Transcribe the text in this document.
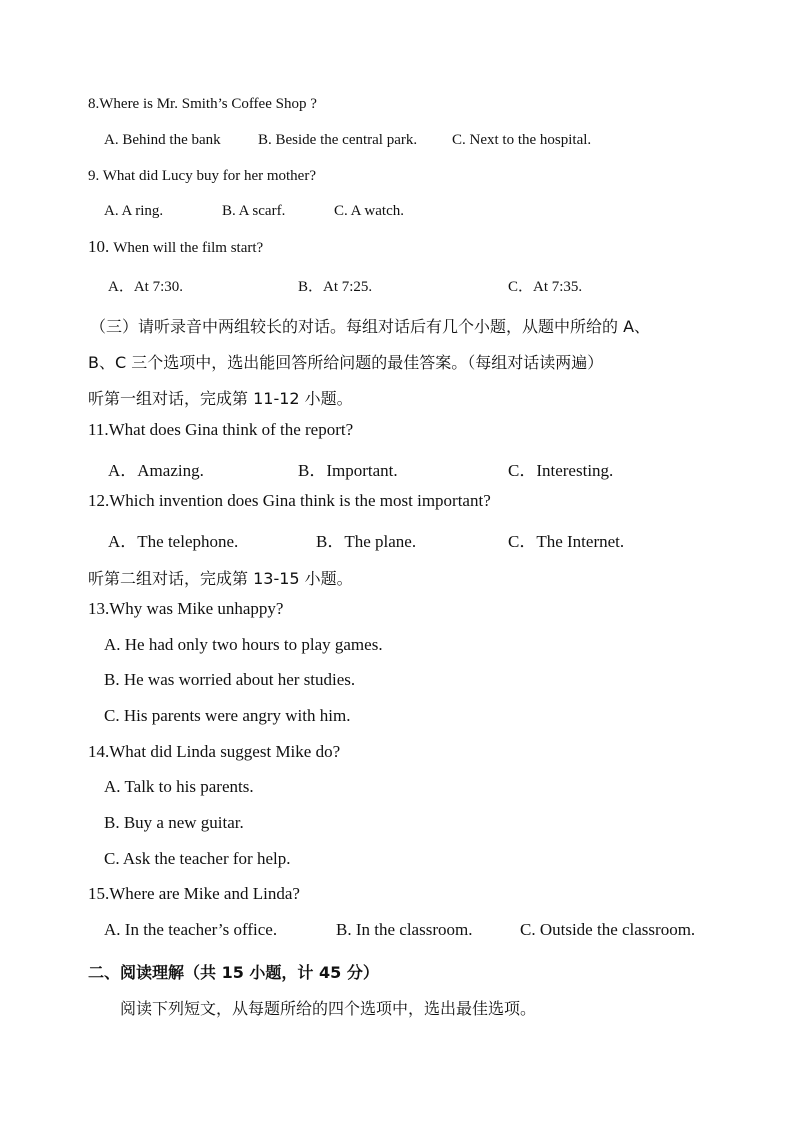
8.Where is Mr. Smith’s Coffee Shop ?
A. Behind the bank B. Beside the central park. C. Next to the hospital.
9. What did Lucy buy for her mother?
A. A ring.	B. A scarf.	C. A watch.
10. When will the film start?
A．At 7:30.	B．At 7:25.	C．At 7:35.
（三）请听录音中两组较长的对话。每组对话后有几个小题，从题中所给的 A、
B、C 三个选项中，选出能回答所给问题的最佳答案。（每组对话读两遍）
听第一组对话，完成第 11-12 小题。
11.What does Gina think of the report?
A．Amazing.	B．Important.	C．Interesting.
12.Which invention does Gina think is the most important?
A．The telephone.	B．The plane.	C．The Internet.
听第二组对话，完成第 13-15 小题。
13.Why was Mike unhappy?
A. He had only two hours to play games.
B. He was worried about her studies.
C. His parents were angry with him.
14.What did Linda suggest Mike do?
A. Talk to his parents.
B. Buy a new guitar.
C. Ask the teacher for help.
15.Where are Mike and Linda?
A. In the teacher’s office.	B. In the classroom.	C. Outside the classroom.
二、阅读理解（共 15 小题，计 45 分）
阅读下列短文，从每题所给的四个选项中，选出最佳选项。
